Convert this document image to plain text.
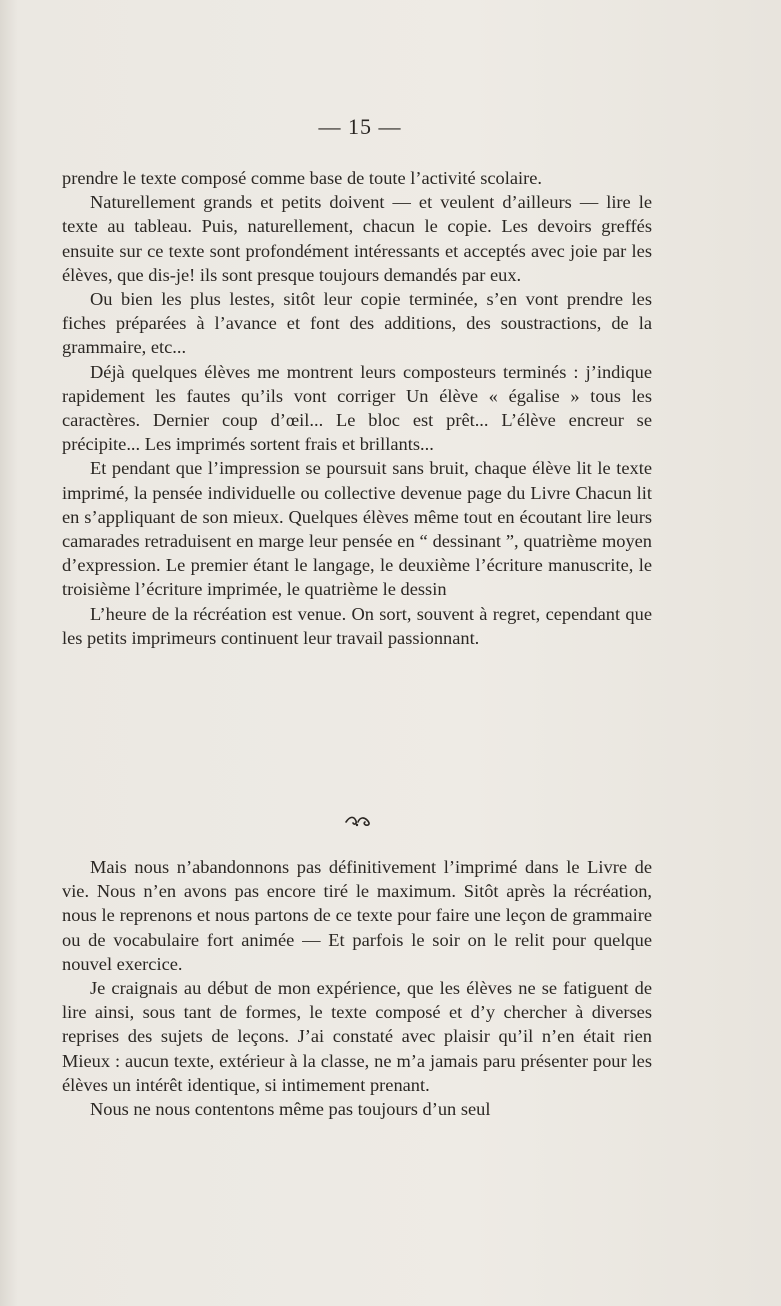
— 15 —

prendre le texte composé comme base de toute l’activité scolaire.

Naturellement grands et petits doivent — et veulent d’ailleurs — lire le texte au tableau. Puis, naturellement, chacun le copie. Les devoirs greffés ensuite sur ce texte sont profondément intéressants et acceptés avec joie par les élèves, que dis-je! ils sont presque toujours demandés par eux.

Ou bien les plus lestes, sitôt leur copie terminée, s’en vont prendre les fiches préparées à l’avance et font des additions, des soustractions, de la grammaire, etc...

Déjà quelques élèves me montrent leurs composteurs terminés : j’indique rapidement les fautes qu’ils vont corriger Un élève « égalise » tous les caractères. Dernier coup d’œil... Le bloc est prêt... L’élève encreur se précipite... Les imprimés sortent frais et brillants...

Et pendant que l’impression se poursuit sans bruit, chaque élève lit le texte imprimé, la pensée individuelle ou collective devenue page du Livre Chacun lit en s’appliquant de son mieux. Quelques élèves même tout en écoutant lire leurs camarades retraduisent en marge leur pensée en “ dessinant ”, quatrième moyen d’expression. Le premier étant le langage, le deuxième l’écriture manuscrite, le troisième l’écriture imprimée, le quatrième le dessin

L’heure de la récréation est venue. On sort, souvent à regret, cependant que les petits imprimeurs continuent leur travail passionnant.

Mais nous n’abandonnons pas définitivement l’imprimé dans le Livre de vie. Nous n’en avons pas encore tiré le maximum. Sitôt après la récréation, nous le reprenons et nous partons de ce texte pour faire une leçon de grammaire ou de vocabulaire fort animée — Et parfois le soir on le relit pour quelque nouvel exercice.

Je craignais au début de mon expérience, que les élèves ne se fatiguent de lire ainsi, sous tant de formes, le texte composé et d’y chercher à diverses reprises des sujets de leçons. J’ai constaté avec plaisir qu’il n’en était rien Mieux : aucun texte, extérieur à la classe, ne m’a jamais paru présenter pour les élèves un intérêt identique, si intimement prenant.

Nous ne nous contentons même pas toujours d’un seul
